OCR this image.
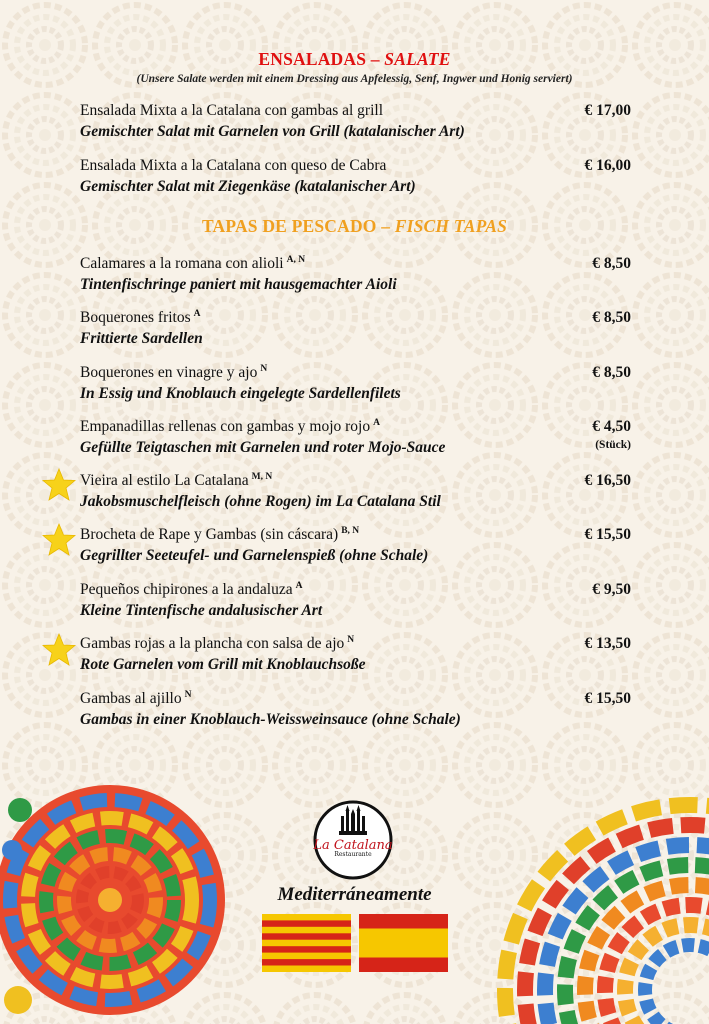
ENSALADAS – SALATE
(Unsere Salate werden mit einem Dressing aus Apfelessig, Senf, Ingwer und Honig serviert)
Ensalada Mixta a la Catalana con gambas al grill
Gemischter Salat mit Garnelen von Grill (katalanischer Art)
€ 17,00
Ensalada Mixta a la Catalana con queso de Cabra
Gemischter Salat mit Ziegenkäse (katalanischer Art)
€ 16,00
TAPAS DE PESCADO – FISCH TAPAS
Calamares a la romana con alioli $^{A, N}$
Tintenfischringe paniert mit hausgemachter Aioli
€ 8,50
Boquerones fritos $^A$
Frittierte Sardellen
€ 8,50
Boquerones en vinagre y ajo $^N$
In Essig und Knoblauch eingelegte Sardellenfilets
€ 8,50
Empanadillas rellenas con gambas y mojo rojo $^A$
Gefüllte Teigtaschen mit Garnelen und roter Mojo-Sauce
€ 4,50
(Stück)
Vieira al estilo La Catalana $^{M, N}$
Jakobsmuschelfleisch (ohne Rogen) im La Catalana Stil
€ 16,50
Brocheta de Rape y Gambas (sin cáscara) $^{B, N}$
Gegrillter Seeteufel- und Garnelenspieß (ohne Schale)
€ 15,50
Pequeños chipirones a la andaluza $^A$
Kleine Tintenfische andalusischer Art
€ 9,50
Gambas rojas a la plancha con salsa de ajo $^N$
Rote Garnelen vom Grill mit Knoblauchsoße
€ 13,50
Gambas al ajillo $^N$
Gambas in einer Knoblauch-Weissweinsauce (ohne Schale)
€ 15,50
La Catalana
Restaurante
Mediterráneamente
